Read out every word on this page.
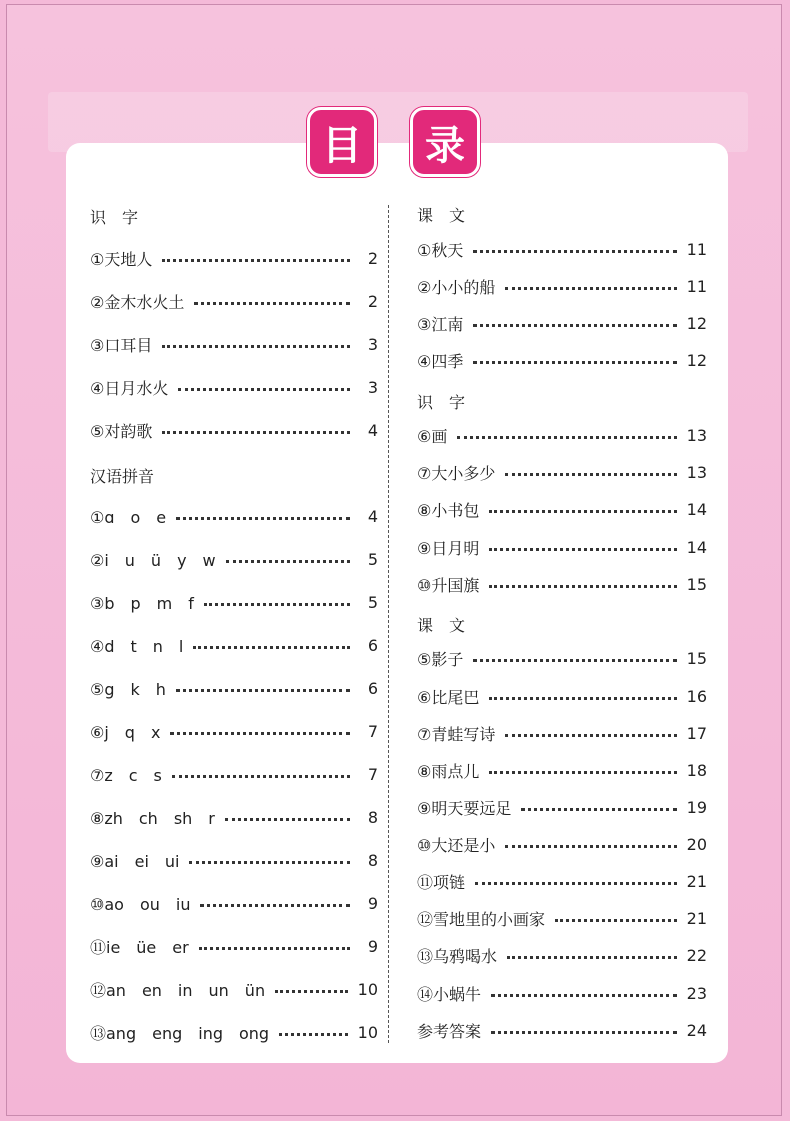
目	录
识　字
①天地人	2
②金木水火土	2
③口耳目	3
④日月水火	3
⑤对韵歌	4
汉语拼音
①ɑ　o　e	4
②i　u　ü　y　w	5
③b　p　m　f	5
④d　t　n　l	6
⑤g　k　h	6
⑥j　q　x	7
⑦z　c　s	7
⑧zh　ch　sh　r	8
⑨ai　ei　ui	8
⑩ao　ou　iu	9
⑪ie　üe　er	9
⑫an　en　in　un　ün	10
⑬ang　eng　ing　ong	10
课　文
①秋天	11
②小小的船	11
③江南	12
④四季	12
识　字
⑥画	13
⑦大小多少	13
⑧小书包	14
⑨日月明	14
⑩升国旗	15
课　文
⑤影子	15
⑥比尾巴	16
⑦青蛙写诗	17
⑧雨点儿	18
⑨明天要远足	19
⑩大还是小	20
⑪项链	21
⑫雪地里的小画家	21
⑬乌鸦喝水	22
⑭小蜗牛	23
参考答案	24
